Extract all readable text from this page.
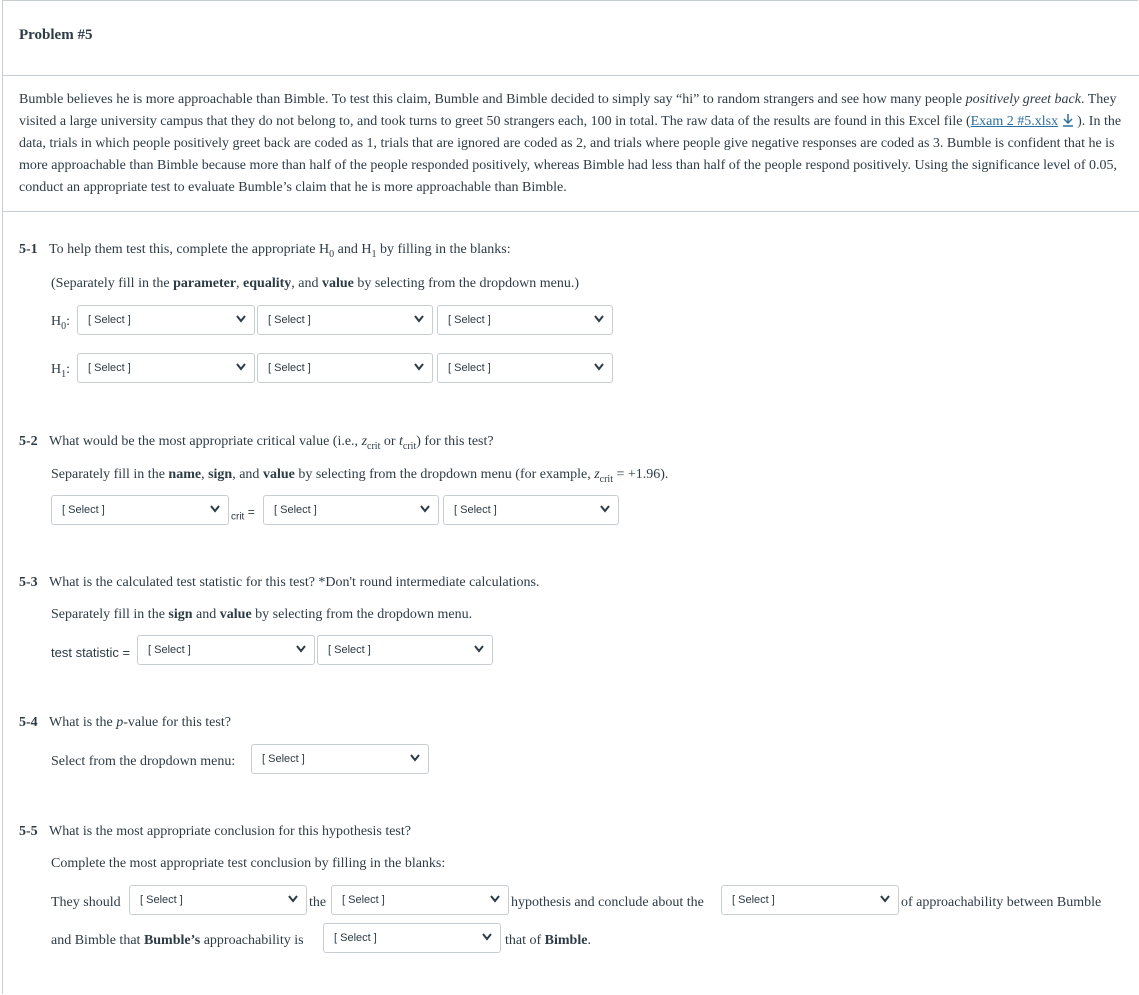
Problem #5
Bumble believes he is more approachable than Bimble. To test this claim, Bumble and Bimble decided to simply say “hi” to random strangers and see how many people positively greet back. They visited a large university campus that they do not belong to, and took turns to greet 50 strangers each, 100 in total. The raw data of the results are found in this Excel file (Exam 2 #5.xlsx ). In the data, trials in which people positively greet back are coded as 1, trials that are ignored are coded as 2, and trials where people give negative responses are coded as 3. Bumble is confident that he is more approachable than Bimble because more than half of the people responded positively, whereas Bimble had less than half of the people respond positively. Using the significance level of 0.05, conduct an appropriate test to evaluate Bumble’s claim that he is more approachable than Bimble.
5-1 To help them test this, complete the appropriate $H_0$ and $H_1$ by filling in the blanks:
(Separately fill in the parameter, equality, and value by selecting from the dropdown menu.)
$H_0$: [ Select ]	[ Select ]	[ Select ]
$H_1$: [ Select ]	[ Select ]	[ Select ]
5-2 What would be the most appropriate critical value (i.e., $z_{crit}$ or $t_{crit}$) for this test?
Separately fill in the name, sign, and value by selecting from the dropdown menu (for example, $z_{crit} = +1.96$).
[ Select ]
$_{crit}$ = [ Select ]	[ Select ]
5-3 What is the calculated test statistic for this test? *Don't round intermediate calculations.
Separately fill in the sign and value by selecting from the dropdown menu.
test statistic = [ Select ]	[ Select ]
5-4 What is the p-value for this test?
Select from the dropdown menu: [ Select ]
5-5 What is the most appropriate conclusion for this hypothesis test?
Complete the most appropriate test conclusion by filling in the blanks:
They should [ Select ]	the [ Select ]	hypothesis and conclude about the	[ Select ]	of approachability between Bumble
and Bimble that Bumble’s approachability is	[ Select ]	that of Bimble.
